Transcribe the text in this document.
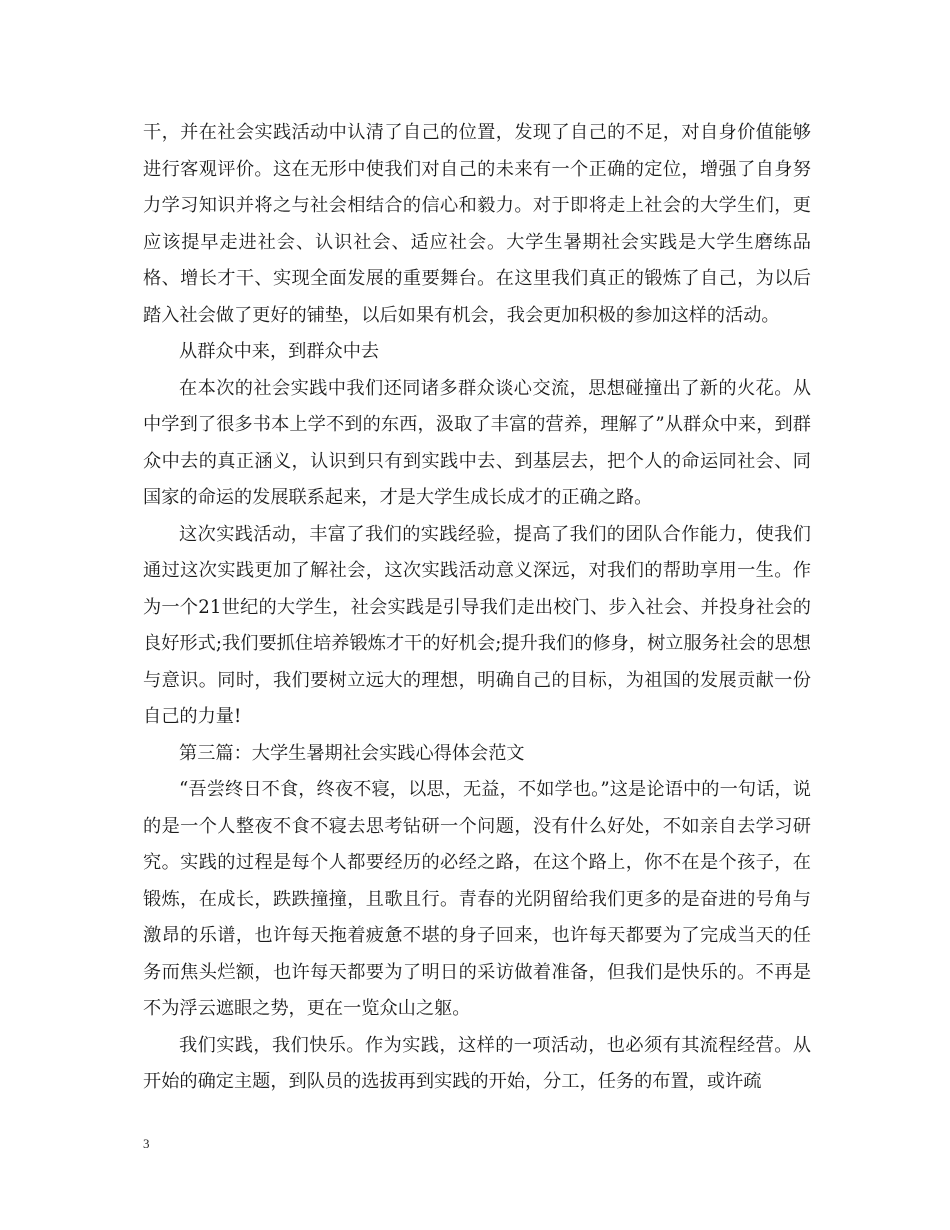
干，并在社会实践活动中认清了自己的位置，发现了自己的不足，对自身价值能够进行客观评价。这在无形中使我们对自己的未来有一个正确的定位，增强了自身努力学习知识并将之与社会相结合的信心和毅力。对于即将走上社会的大学生们，更应该提早走进社会、认识社会、适应社会。大学生暑期社会实践是大学生磨练品格、增长才干、实现全面发展的重要舞台。在这里我们真正的锻炼了自己，为以后踏入社会做了更好的铺垫，以后如果有机会，我会更加积极的参加这样的活动。

从群众中来，到群众中去

在本次的社会实践中我们还同诸多群众谈心交流，思想碰撞出了新的火花。从中学到了很多书本上学不到的东西，汲取了丰富的营养，理解了”从群众中来，到群众中去的真正涵义，认识到只有到实践中去、到基层去，把个人的命运同社会、同国家的命运的发展联系起来，才是大学生成长成才的正确之路。

这次实践活动，丰富了我们的实践经验，提高了我们的团队合作能力，使我们通过这次实践更加了解社会，这次实践活动意义深远，对我们的帮助享用一生。作为一个21世纪的大学生，社会实践是引导我们走出校门、步入社会、并投身社会的良好形式;我们要抓住培养锻炼才干的好机会;提升我们的修身，树立服务社会的思想与意识。同时，我们要树立远大的理想，明确自己的目标，为祖国的发展贡献一份自己的力量!

第三篇：大学生暑期社会实践心得体会范文

“吾尝终日不食，终夜不寝，以思，无益，不如学也。”这是论语中的一句话，说的是一个人整夜不食不寝去思考钻研一个问题，没有什么好处，不如亲自去学习研究。实践的过程是每个人都要经历的必经之路，在这个路上，你不在是个孩子，在锻炼，在成长，跌跌撞撞，且歌且行。青春的光阴留给我们更多的是奋进的号角与激昂的乐谱，也许每天拖着疲惫不堪的身子回来，也许每天都要为了完成当天的任务而焦头烂额，也许每天都要为了明日的采访做着准备，但我们是快乐的。不再是不为浮云遮眼之势，更在一览众山之躯。

我们实践，我们快乐。作为实践，这样的一项活动，也必须有其流程经营。从开始的确定主题，到队员的选拔再到实践的开始，分工，任务的布置，或许疏

3
